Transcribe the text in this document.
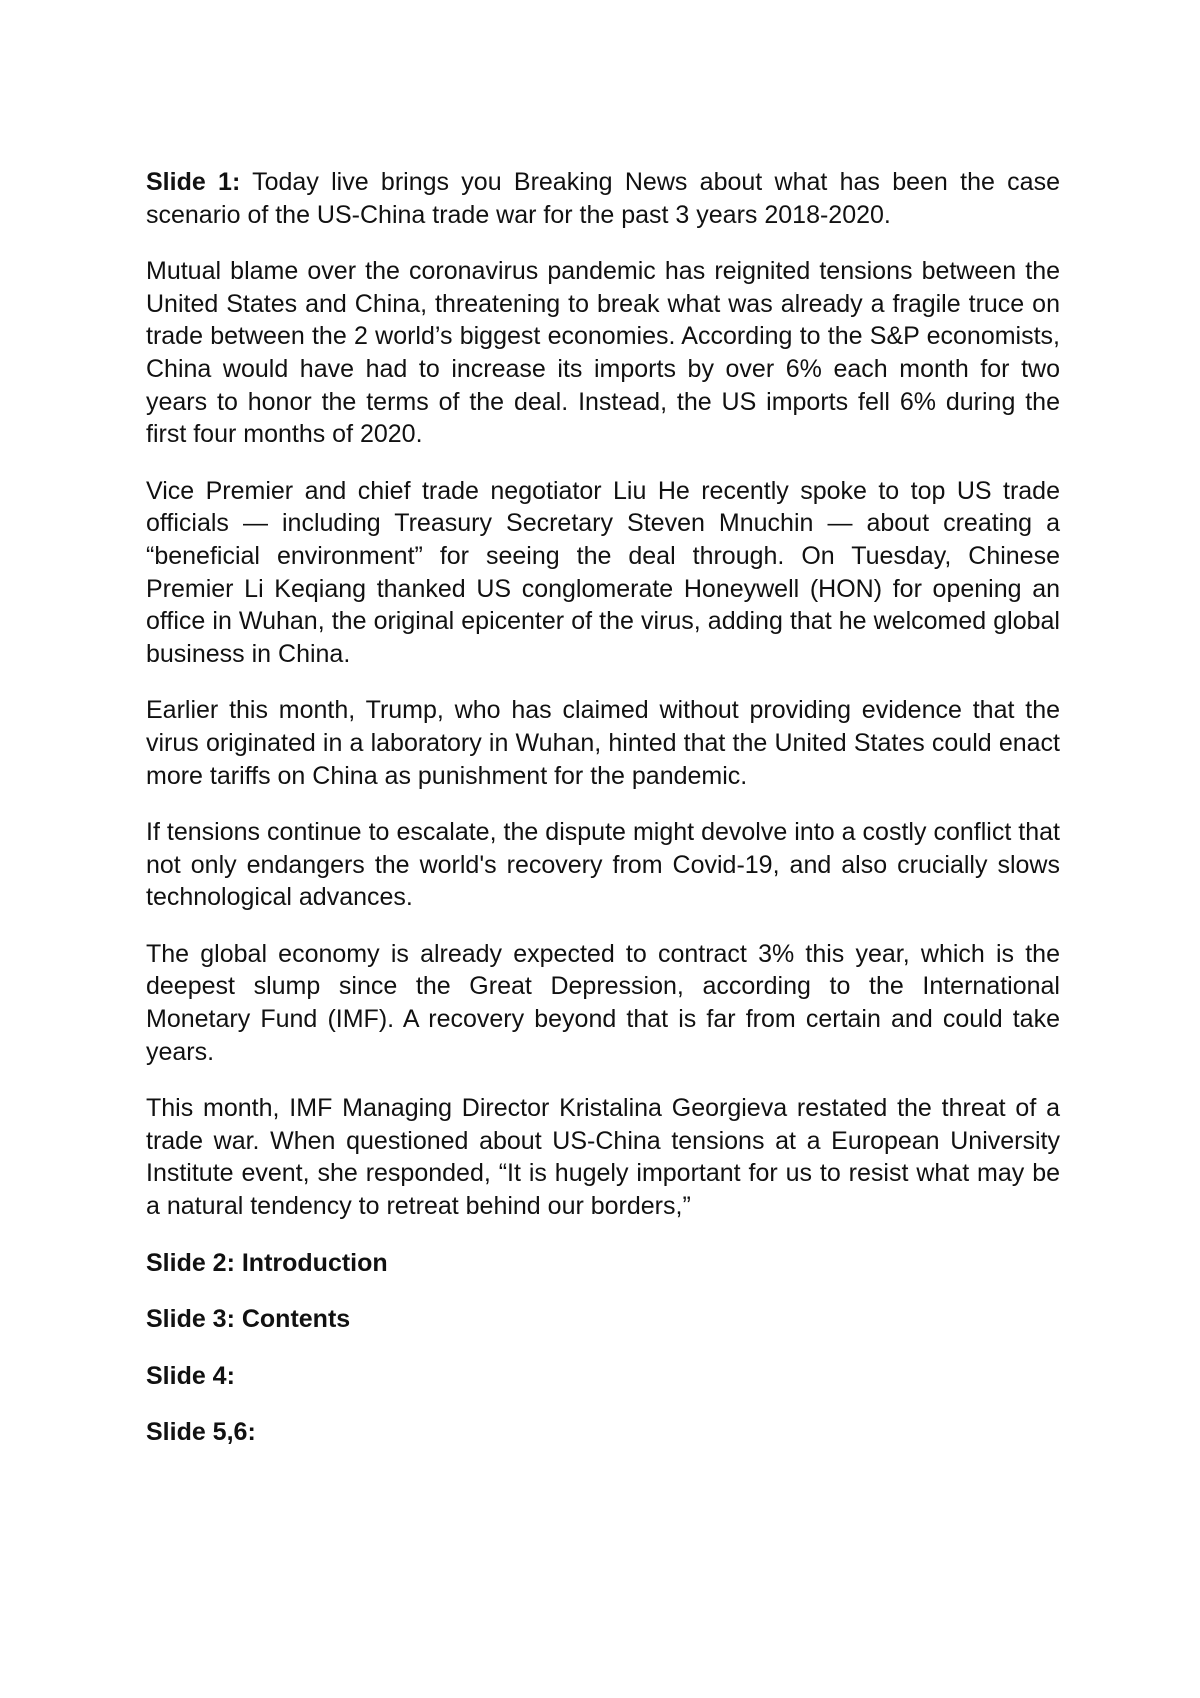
Slide 1: Today live brings you Breaking News about what has been the case scenario of the US-China trade war for the past 3 years 2018-2020.

Mutual blame over the coronavirus pandemic has reignited tensions between the United States and China, threatening to break what was already a fragile truce on trade between the 2 world’s biggest economies. According to the S&P economists, China would have had to increase its imports by over 6% each month for two years to honor the terms of the deal. Instead, the US imports fell 6% during the first four months of 2020.

Vice Premier and chief trade negotiator Liu He recently spoke to top US trade officials — including Treasury Secretary Steven Mnuchin — about creating a “beneficial environment” for seeing the deal through. On Tuesday, Chinese Premier Li Keqiang thanked US conglomerate Honeywell (HON) for opening an office in Wuhan, the original epicenter of the virus, adding that he welcomed global business in China.

Earlier this month, Trump, who has claimed without providing evidence that the virus originated in a laboratory in Wuhan, hinted that the United States could enact more tariffs on China as punishment for the pandemic.

If tensions continue to escalate, the dispute might devolve into a costly conflict that not only endangers the world's recovery from Covid-19, and also crucially slows technological advances.

The global economy is already expected to contract 3% this year, which is the deepest slump since the Great Depression, according to the International Monetary Fund (IMF). A recovery beyond that is far from certain and could take years.

This month, IMF Managing Director Kristalina Georgieva restated the threat of a trade war. When questioned about US-China tensions at a European University Institute event, she responded, “It is hugely important for us to resist what may be a natural tendency to retreat behind our borders,”

Slide 2: Introduction

Slide 3: Contents

Slide 4:

Slide 5,6:
